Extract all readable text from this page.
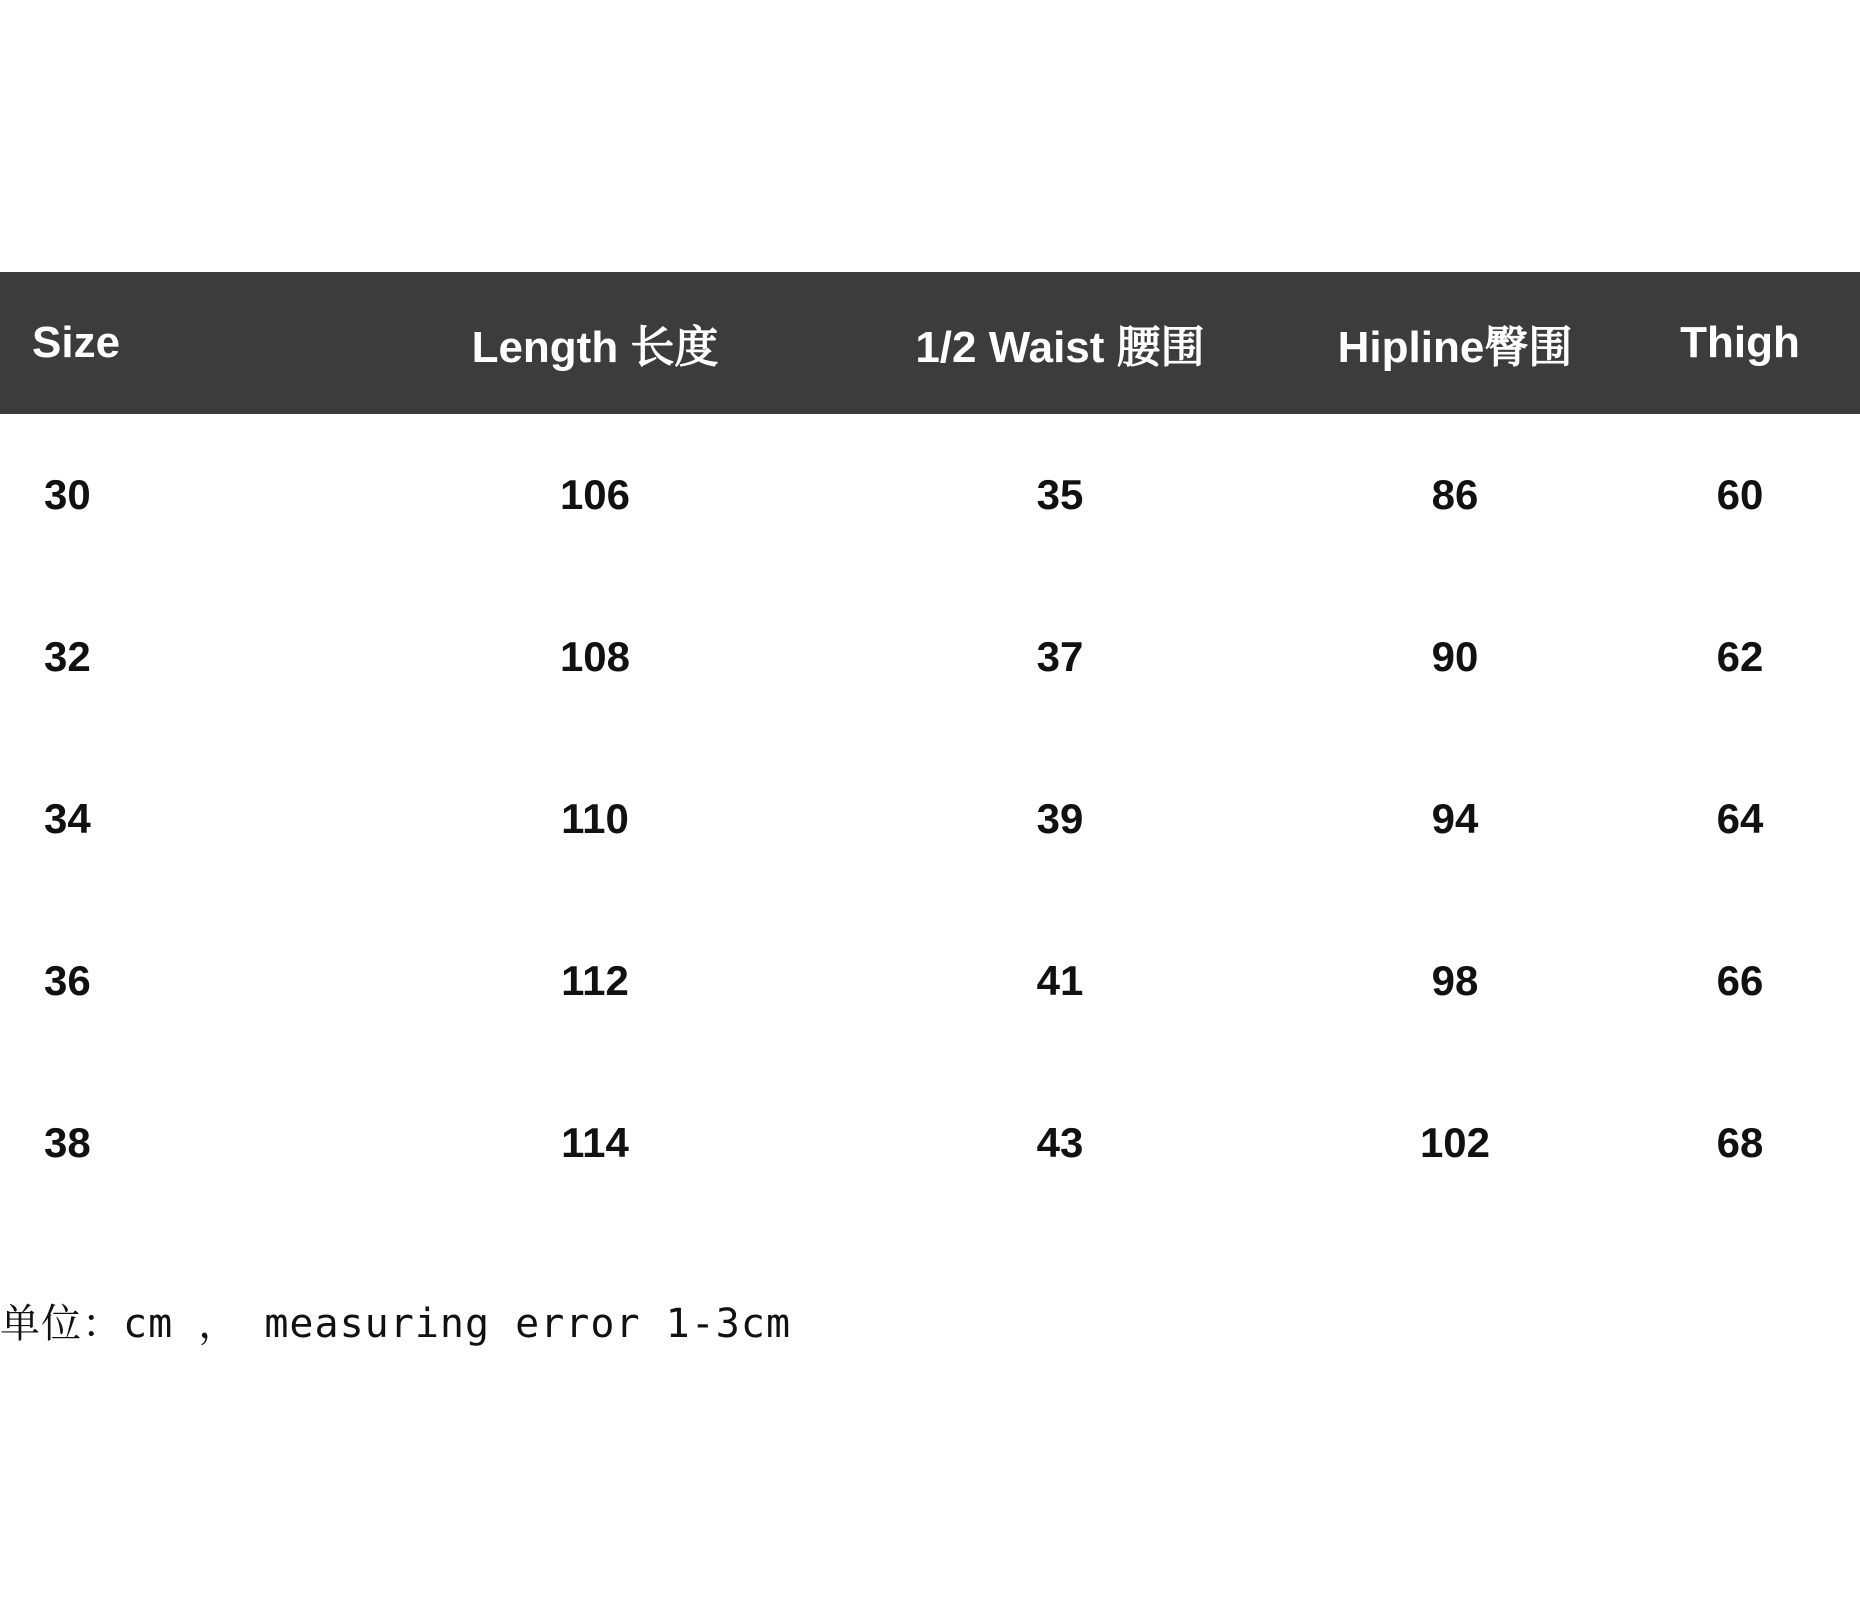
Size	Length 长度	1/2 Waist 腰围	Hipline臀围	Thigh
30	106	35	86	60
32	108	37	90	62
34	110	39	94	64
36	112	41	98	66
38	114	43	102	68
单位：cm ， measuring error 1-3cm
